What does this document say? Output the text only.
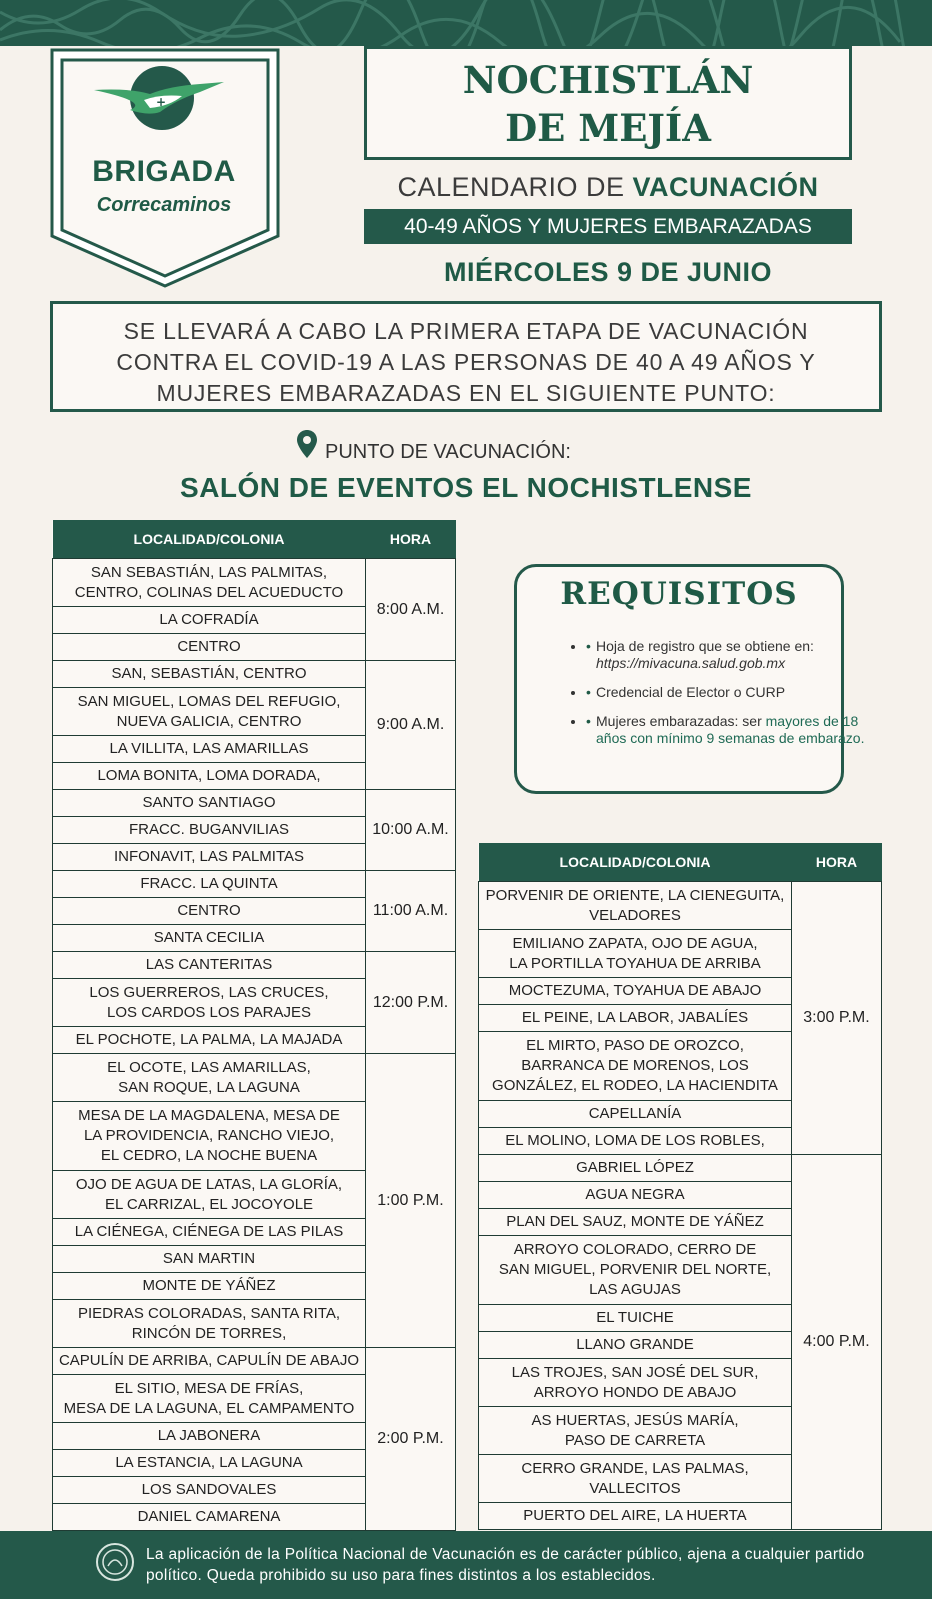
+
BRIGADA
Correcaminos
NOCHISTLÁN
DE MEJÍA
CALENDARIO DE VACUNACIÓN
40-49 AÑOS Y MUJERES EMBARAZADAS
MIÉRCOLES 9 DE JUNIO
SE LLEVARÁ A CABO LA PRIMERA ETAPA DE VACUNACIÓN
CONTRA EL COVID-19 A LAS PERSONAS DE 40 A 49 AÑOS Y
MUJERES EMBARAZADAS EN EL SIGUIENTE PUNTO:
PUNTO DE VACUNACIÓN:
SALÓN DE EVENTOS EL NOCHISTLENSE
LOCALIDAD/COLONIA	HORA

SAN SEBASTIÁN, LAS PALMITAS,
CENTRO, COLINAS DEL ACUEDUCTO	8:00 A.M.

LA COFRADÍA	

CENTRO	

SAN, SEBASTIÁN, CENTRO	9:00 A.M.

SAN MIGUEL, LOMAS DEL REFUGIO,
NUEVA GALICIA, CENTRO	

LA VILLITA, LAS AMARILLAS	

LOMA BONITA, LOMA DORADA,	

SANTO SANTIAGO	10:00 A.M.

FRACC. BUGANVILIAS	

INFONAVIT, LAS PALMITAS	

FRACC. LA QUINTA	11:00 A.M.

CENTRO	

SANTA CECILIA	

LAS CANTERITAS	12:00 P.M.

LOS GUERREROS, LAS CRUCES,
LOS CARDOS LOS PARAJES	

EL POCHOTE, LA PALMA, LA MAJADA	

EL OCOTE, LAS AMARILLAS,
SAN ROQUE, LA LAGUNA	1:00 P.M.

MESA DE LA MAGDALENA, MESA DE
LA PROVIDENCIA, RANCHO VIEJO,
EL CEDRO, LA NOCHE BUENA	

OJO DE AGUA DE LATAS, LA GLORÍA,
EL CARRIZAL, EL JOCOYOLE	

LA CIÉNEGA, CIÉNEGA DE LAS PILAS	

SAN MARTIN	

MONTE DE YÁÑEZ	

PIEDRAS COLORADAS, SANTA RITA,
RINCÓN DE TORRES,	

CAPULÍN DE ARRIBA, CAPULÍN DE ABAJO	2:00 P.M.

EL SITIO, MESA DE FRÍAS,
MESA DE LA LAGUNA, EL CAMPAMENTO	

LA JABONERA	

LA ESTANCIA, LA LAGUNA	

LOS SANDOVALES	

DANIEL CAMARENA	
REQUISITOS
• • Hoja de registro que se obtiene en: https://mivacuna.salud.gob.mx
• • Credencial de Elector o CURP
• • Mujeres embarazadas: ser mayores de 18 años con mínimo 9 semanas de embarazo.
LOCALIDAD/COLONIA	HORA

PORVENIR DE ORIENTE, LA CIENEGUITA,
VELADORES	3:00 P.M.

EMILIANO ZAPATA, OJO DE AGUA,
LA PORTILLA TOYAHUA DE ARRIBA	

MOCTEZUMA, TOYAHUA DE ABAJO	

EL PEINE, LA LABOR, JABALÍES	

EL MIRTO, PASO DE OROZCO,
BARRANCA DE MORENOS, LOS
GONZÁLEZ, EL RODEO, LA HACIENDITA	

CAPELLANÍA	

EL MOLINO, LOMA DE LOS ROBLES,	

GABRIEL LÓPEZ	4:00 P.M.

AGUA NEGRA	

PLAN DEL SAUZ, MONTE DE YÁÑEZ	

ARROYO COLORADO, CERRO DE
SAN MIGUEL, PORVENIR DEL NORTE,
LAS AGUJAS	

EL TUICHE	

LLANO GRANDE	

LAS TROJES, SAN JOSÉ DEL SUR,
ARROYO HONDO DE ABAJO	

AS HUERTAS, JESÚS MARÍA,
PASO DE CARRETA	

CERRO GRANDE, LAS PALMAS,
VALLECITOS	

PUERTO DEL AIRE, LA HUERTA	
La aplicación de la Política Nacional de Vacunación es de carácter público, ajena a cualquier partido político. Queda prohibido su uso para fines distintos a los establecidos.
